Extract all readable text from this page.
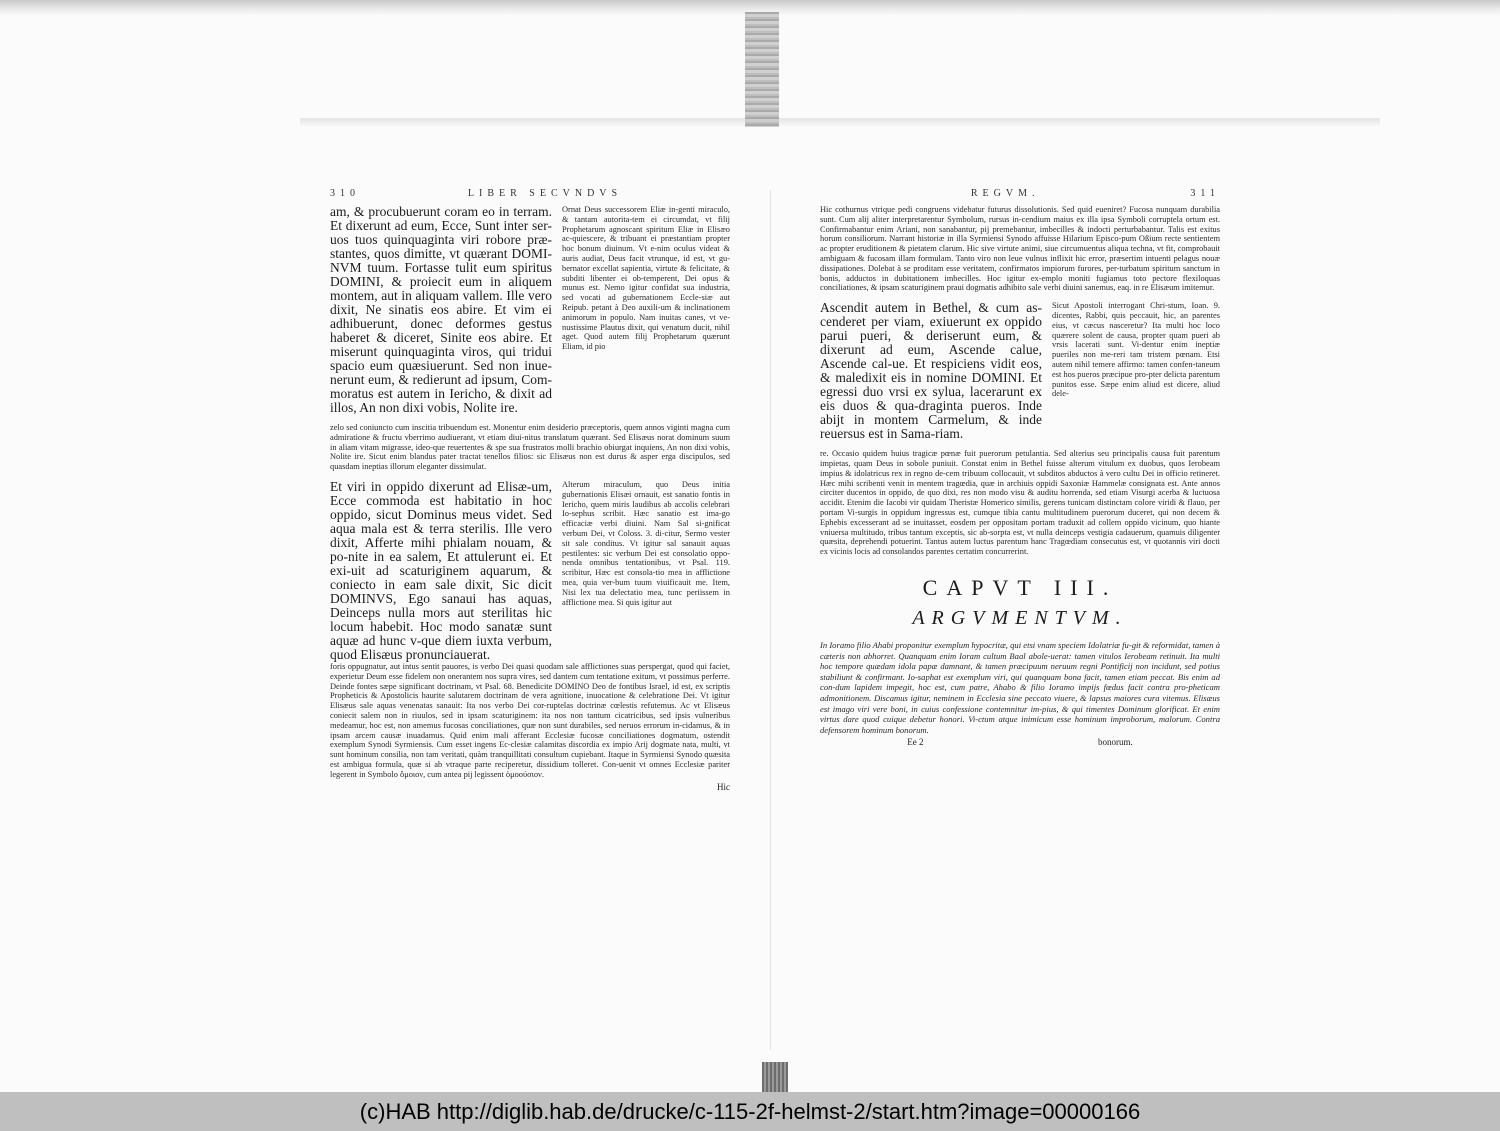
310	LIBER SECVNDVS
am, & procubuerunt coram eo in terram. Et dixerunt ad eum, Ecce, Sunt inter ser-uos tuos quinquaginta viri robore præ-stantes, quos dimitte, vt quærant DOMI-NVM tuum. Fortasse tulit eum spiritus DOMINI, & proiecit eum in aliquem montem, aut in aliquam vallem. Ille vero dixit, Ne sinatis eos abire. Et vim ei adhibuerunt, donec deformes gestus haberet & diceret, Sinite eos abire. Et miserunt quinquaginta viros, qui tridui spacio eum quæsiuerunt. Sed non inue-nerunt eum, & redierunt ad ipsum, Com-moratus est autem in Iericho, & dixit ad illos, An non dixi vobis, Nolite ire.
Ornat Deus successorem Eliæ in-genti miraculo, & tantam autorita-tem ei circumdat, vt filij Prophetarum agnoscant spiritum Eliæ in Elisæo ac-quiescere, & tribuant ei præstantiam propter hoc bonum diuinum. Vt e-nim oculus videat & auris audiat, Deus facit vtrunque, id est, vt gu-bernator excellat sapientia, virtute & felicitate, & subditi libenter ei ob-temperent, Dei opus & munus est. Nemo igitur confidat sua industria, sed vocati ad gubernationem Eccle-siæ aut Reipub. petant à Deo auxili-um & inclinationem animorum in populo. Nam inuitas canes, vt ve-nustissime Plautus dixit, qui venatum ducit, nihil aget. Quod autem filij Prophetarum quærunt Eliam, id pio
zelo sed coniuncto cum inscitia tribuendum est. Monentur enim desiderio præceptoris, quem annos viginti magna cum admiratione & fructu vberrimo audiuerant, vt etiam diui-nitus translatum quærant. Sed Elisæus norat dominum suum in aliam vitam migrasse, ideo-que reuertentes & spe sua frustratos molli brachio obiurgat inquiens, An non dixi vobis, Nolite ire. Sicut enim blandus pater tractat tenellos filios: sic Elisæus non est durus & asper erga discipulos, sed quasdam ineptias illorum eleganter dissimulat.
Et viri in oppido dixerunt ad Elisæ-um, Ecce commoda est habitatio in hoc oppido, sicut Dominus meus videt. Sed aqua mala est & terra sterilis. Ille vero dixit, Afferte mihi phialam nouam, & po-nite in ea salem, Et attulerunt ei. Et exi-uit ad scaturiginem aquarum, & coniecto in eam sale dixit, Sic dicit DOMINVS, Ego sanaui has aquas, Deinceps nulla mors aut sterilitas hic locum habebit. Hoc modo sanatæ sunt aquæ ad hunc v-que diem iuxta verbum, quod Elisæus pronunciauerat.
Alterum miraculum, quo Deus initia gubernationis Elisæi ornauit, est sanatio fontis in Iericho, quem miris laudibus ab accolis celebrari Io-sephus scribit. Hæc sanatio est ima-go efficaciæ verbi diuini. Nam Sal si-gnificat verbum Dei, vt Coloss. 3. di-citur, Sermo vester sit sale conditus. Vt igitur sal sanauit aquas pestilentes: sic verbum Dei est consolatio oppo-nenda omnibus tentationibus, vt Psal. 119. scribitur, Hæc est consola-tio mea in afflictione mea, quia ver-bum tuum viuificauit me. Item, Nisi lex tua delectatio mea, tunc periissem in afflictione mea. Si quis igitur aut
foris oppugnatur, aut intus sentit pauores, is verbo Dei quasi quodam sale afflictiones suas perspergat, quod qui faciet, experietur Deum esse fidelem non onerantem nos supra vires, sed dantem cum tentatione exitum, vt possimus perferre. Deinde fontes sæpe significant doctrinam, vt Psal. 68. Benedicite DOMINO Deo de fontibus Israel, id est, ex scriptis Propheticis & Apostolicis haurite salutarem doctrinam de vera agnitione, inuocatione & celebratione Dei. Vt igitur Elisæus sale aquas venenatas sanauit: Ita nos verbo Dei cor-ruptelas doctrinæ cœlestis refutemus. Ac vt Elisæus coniecit salem non in riuulos, sed in ipsam scaturiginem: ita nos non tantum cicatricibus, sed ipsis vulneribus medeamur, hoc est, non amemus fucosas conciliationes, quæ non sunt durabiles, sed neruos errorum in-cidamus, & in ipsam arcem causæ inuadamus. Quid enim mali afferant Ecclesiæ fucosæ conciliationes dogmatum, ostendit exemplum Synodi Syrmiensis. Cum esset ingens Ec-clesiæ calamitas discordia ex impio Arij dogmate nata, multi, vt sunt hominum consilia, non tam veritati, quàm tranquillitati consultum cupiebant. Itaque in Syrmiensi Synodo quæsita est ambigua formula, quæ si ab vtraque parte reciperetur, dissidium tolleret. Con-uenit vt omnes Ecclesiæ pariter legerent in Symbolo ὅμοιον, cum antea pij legissent ὁμοούσιον.
Hic
REGVM.	311
Hic cothurnus vtrique pedi congruens videbatur futurus dissolutionis. Sed quid eueniret? Fucosa nunquam durabilia sunt. Cum alij aliter interpretarentur Symbolum, rursus in-cendium maius ex illa ipsa Symboli corruptela ortum est. Confirmabantur enim Ariani, non sanabantur, pij premebantur, imbecilles & indocti perturbabantur. Talis est exitus horum consiliorum. Narrant historiæ in illa Syrmiensi Synodo affuisse Hilarium Episco-pum Oßium recte sentientem ac propter eruditionem & pietatem clarum. Hic sive virtute animi, siue circumuentus aliqua techna, vt fit, comprobauit ambiguam & fucosam illam formulam. Tanto viro non leue vulnus inflixit hic error, præsertim intuenti pelagus nouæ dissipationes. Dolebat à se proditam esse veritatem, confirmatos impiorum furores, per-turbatum spiritum sanctum in bonis, adductos in dubitationem imbecilles. Hoc igitur ex-emplo moniti fugiamus toto pectore flexiloquas conciliationes, & ipsam scaturiginem praui dogmatis adhibito sale verbi diuini sanemus, eaq. in re Elisæum imitemur.
Ascendit autem in Bethel, & cum as-cenderet per viam, exiuerunt ex oppido parui pueri, & deriserunt eum, & dixerunt ad eum, Ascende calue, Ascende cal-ue. Et respiciens vidit eos, & maledixit eis in nomine DOMINI. Et egressi duo vrsi ex sylua, lacerarunt ex eis duos & qua-draginta pueros. Inde abijt in montem Carmelum, & inde reuersus est in Sama-riam.
Sicut Apostoli interrogant Chri-stum, Ioan. 9. dicentes, Rabbi, quis peccauit, hic, an parentes eius, vt cæcus nasceretur? Ita multi hoc loco quærere solent de causa, propter quam pueri ab vrsis lacerati sunt. Vi-dentur enim ineptiæ pueriles non me-reri tam tristem pœnam. Etsi autem nihil temere affirmo: tamen confen-taneum est hos pueros præcipue pro-pter delicta parentum punitos esse. Sæpe enim aliud est dicere, aliud dele-
re. Occasio quidem huius tragicæ pœnæ fuit puerorum petulantia. Sed alterius seu principalis causa fuit parentum impietas, quam Deus in sobole puniuit. Constat enim in Bethel fuisse alterum vitulum ex duobus, quos Ierobeam impius & idolatricus rex in regno de-cem tribuum collocauit, vt subditos abductos à vero cultu Dei in officio retineret. Hæc mihi scribenti venit in mentem tragœdia, quæ in archiuis oppidi Saxoniæ Hammelæ consignata est. Ante annos circiter ducentos in oppido, de quo dixi, res non modo visu & auditu horrenda, sed etiam Visurgi acerba & luctuosa accidit. Etenim die Iacobi vir quidam Theristæ Homerico similis, gerens tunicam distinctam colore viridi & flauo, per portam Vi-surgis in oppidum ingressus est, cumque tibia cantu multitudinem puerorum duceret, qui non decem & Ephebis excesserant ad se inuitasset, eosdem per oppositam portam traduxit ad collem oppido vicinum, quo hiante vniuersa multitudo, tribus tantum exceptis, sic ab-sorpta est, vt nulla deinceps vestigia cadauerum, quamuis diligenter quæsita, deprehendi potuerint. Tantus autem luctus parentum hanc Tragœdiam consecutus est, vt quotannis viri docti ex vicinis locis ad consolandos parentes certatim concurrerint.
CAPVT III.
ARGVMENTVM.
In Ioramo filio Ahabi proponitur exemplum hypocritæ, qui etsi vnam speciem Idolatriæ fu-git & reformidat, tamen à cæteris non abhorret. Quanquam enim Ioram cultum Baal abole-uerat: tamen vitulos Ierobeam retinuit. Ita multi hoc tempore quædam idola papæ damnant, & tamen præcipuum neruum regni Pontificij non incidunt, sed potius stabiliunt & confirmant. Io-saphat est exemplum viri, qui quanquam bona facit, tamen etiam peccat. Bis enim ad con-dum lapidem impegit, hoc est, cum patre, Ahabo & filio Ioramo impijs fœdus facit contra pro-pheticam admonitionem. Discamus igitur, neminem in Ecclesia sine peccato viuere, & lapsus maiores cura vitemus. Elisæus est imago viri vere boni, in cuius confessione contemnitur im-pius, & qui timentes Dominum glorificat. Et enim virtus dare quod cuique debetur honori. Vi-ctum atque inimicum esse hominum improborum, malorum. Contra defensorem hominum bonorum.
Ee 2	bonorum.
(c)HAB http://diglib.hab.de/drucke/c-115-2f-helmst-2/start.htm?image=00000166
